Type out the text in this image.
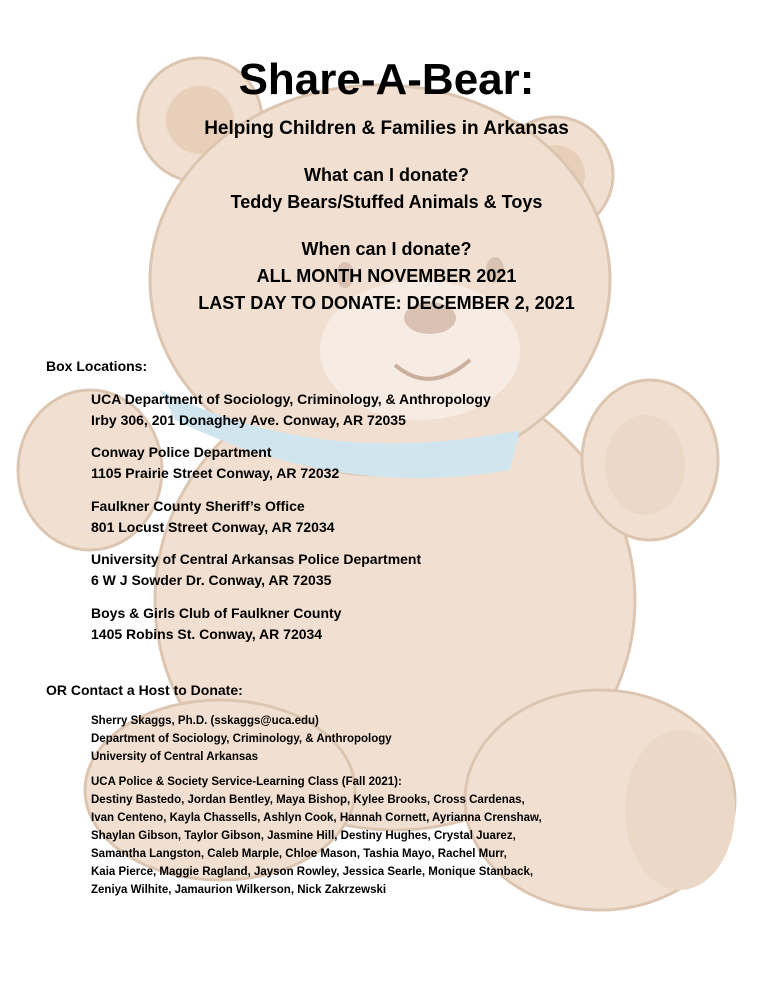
Share-A-Bear:
Helping Children & Families in Arkansas
What can I donate?
Teddy Bears/Stuffed Animals & Toys
When can I donate?
ALL MONTH NOVEMBER 2021
LAST DAY TO DONATE: DECEMBER 2, 2021
Box Locations:
UCA Department of Sociology, Criminology, & Anthropology
Irby 306, 201 Donaghey Ave. Conway, AR 72035
Conway Police Department
1105 Prairie Street Conway, AR 72032
Faulkner County Sheriff’s Office
801 Locust Street Conway, AR 72034
University of Central Arkansas Police Department
6 W J Sowder Dr. Conway, AR 72035
Boys & Girls Club of Faulkner County
1405 Robins St. Conway, AR 72034
OR Contact a Host to Donate:
Sherry Skaggs, Ph.D. (sskaggs@uca.edu)
Department of Sociology, Criminology, & Anthropology
University of Central Arkansas
UCA Police & Society Service-Learning Class (Fall 2021):
Destiny Bastedo, Jordan Bentley, Maya Bishop, Kylee Brooks, Cross Cardenas,
Ivan Centeno, Kayla Chassells, Ashlyn Cook, Hannah Cornett, Ayrianna Crenshaw,
Shaylan Gibson, Taylor Gibson, Jasmine Hill, Destiny Hughes, Crystal Juarez,
Samantha Langston, Caleb Marple, Chloe Mason, Tashia Mayo, Rachel Murr,
Kaia Pierce, Maggie Ragland, Jayson Rowley, Jessica Searle, Monique Stanback,
Zeniya Wilhite, Jamaurion Wilkerson, Nick Zakrzewski
